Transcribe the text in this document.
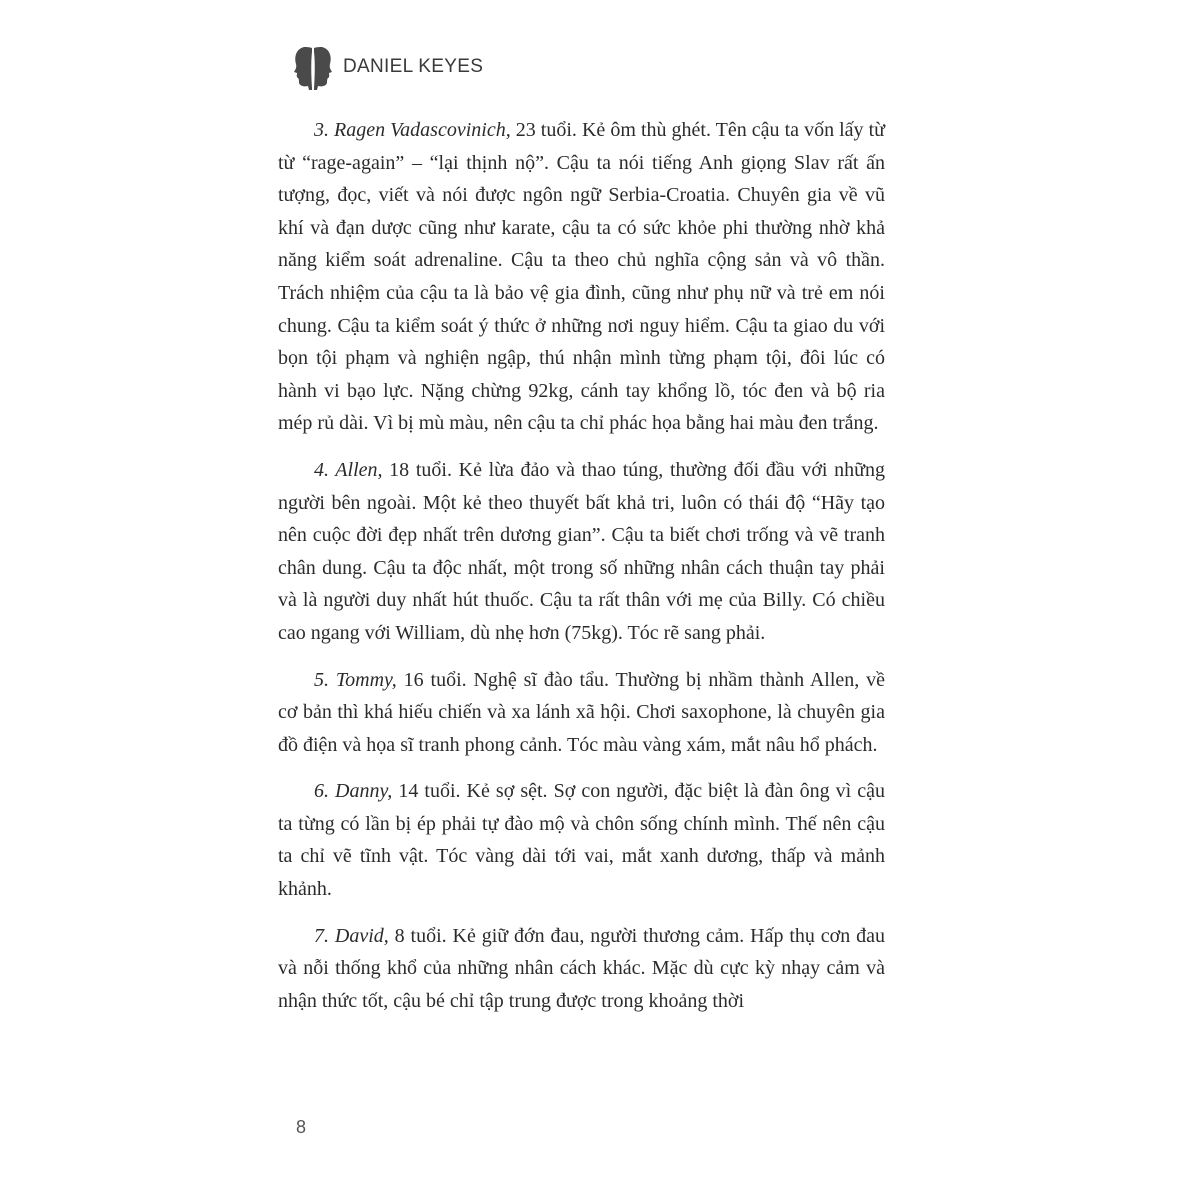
DANIEL KEYES

3. Ragen Vadascovinich, 23 tuổi. Kẻ ôm thù ghét. Tên cậu ta vốn lấy từ từ “rage-again” – “lại thịnh nộ”. Cậu ta nói tiếng Anh giọng Slav rất ấn tượng, đọc, viết và nói được ngôn ngữ Serbia-Croatia. Chuyên gia về vũ khí và đạn dược cũng như karate, cậu ta có sức khỏe phi thường nhờ khả năng kiểm soát adrenaline. Cậu ta theo chủ nghĩa cộng sản và vô thần. Trách nhiệm của cậu ta là bảo vệ gia đình, cũng như phụ nữ và trẻ em nói chung. Cậu ta kiểm soát ý thức ở những nơi nguy hiểm. Cậu ta giao du với bọn tội phạm và nghiện ngập, thú nhận mình từng phạm tội, đôi lúc có hành vi bạo lực. Nặng chừng 92kg, cánh tay khổng lồ, tóc đen và bộ ria mép rủ dài. Vì bị mù màu, nên cậu ta chỉ phác họa bằng hai màu đen trắng.

4. Allen, 18 tuổi. Kẻ lừa đảo và thao túng, thường đối đầu với những người bên ngoài. Một kẻ theo thuyết bất khả tri, luôn có thái độ “Hãy tạo nên cuộc đời đẹp nhất trên dương gian”. Cậu ta biết chơi trống và vẽ tranh chân dung. Cậu ta độc nhất, một trong số những nhân cách thuận tay phải và là người duy nhất hút thuốc. Cậu ta rất thân với mẹ của Billy. Có chiều cao ngang với William, dù nhẹ hơn (75kg). Tóc rẽ sang phải.

5. Tommy, 16 tuổi. Nghệ sĩ đào tẩu. Thường bị nhầm thành Allen, về cơ bản thì khá hiếu chiến và xa lánh xã hội. Chơi saxophone, là chuyên gia đồ điện và họa sĩ tranh phong cảnh. Tóc màu vàng xám, mắt nâu hổ phách.

6. Danny, 14 tuổi. Kẻ sợ sệt. Sợ con người, đặc biệt là đàn ông vì cậu ta từng có lần bị ép phải tự đào mộ và chôn sống chính mình. Thế nên cậu ta chỉ vẽ tĩnh vật. Tóc vàng dài tới vai, mắt xanh dương, thấp và mảnh khảnh.

7. David, 8 tuổi. Kẻ giữ đớn đau, người thương cảm. Hấp thụ cơn đau và nỗi thống khổ của những nhân cách khác. Mặc dù cực kỳ nhạy cảm và nhận thức tốt, cậu bé chỉ tập trung được trong khoảng thời

8
